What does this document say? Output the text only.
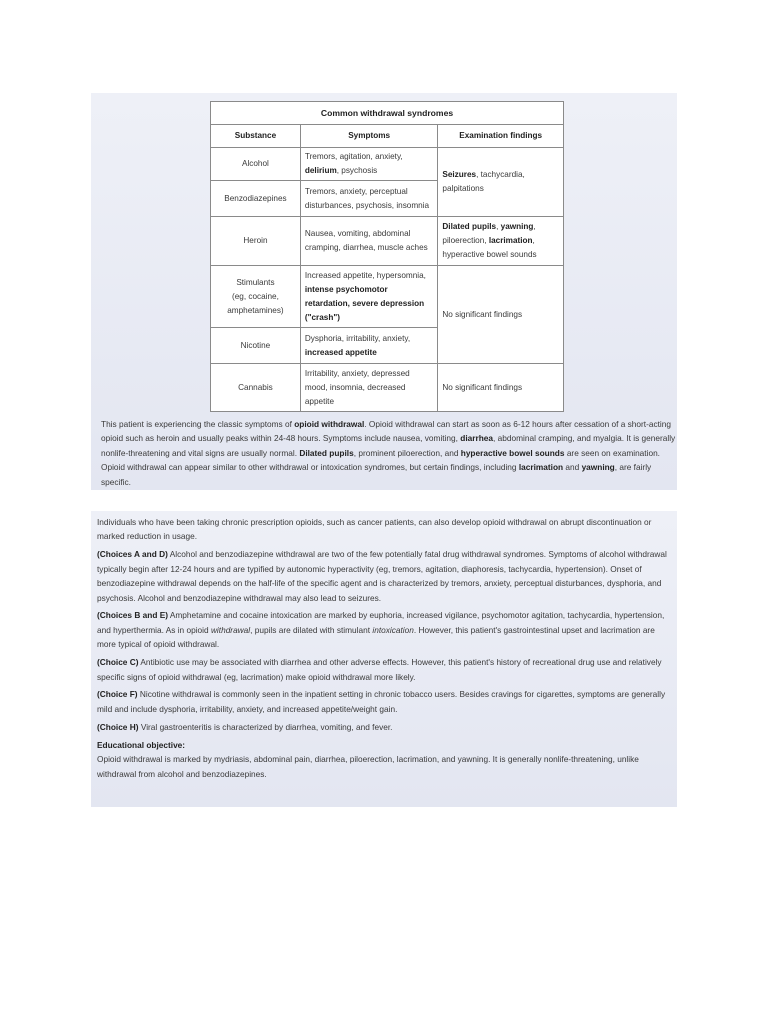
Common withdrawal syndromes		
Substance	Symptoms	Examination findings
Alcohol	Tremors, agitation, anxiety, delirium, psychosis	Seizures, tachycardia, palpitations
Benzodiazepines	Tremors, anxiety, perceptual disturbances, psychosis, insomnia	
Heroin	Nausea, vomiting, abdominal cramping, diarrhea, muscle aches	Dilated pupils, yawning, piloerection, lacrimation, hyperactive bowel sounds
Stimulants
(eg, cocaine,
amphetamines)	Increased appetite, hypersomnia, intense psychomotor retardation, severe depression ("crash")	No significant findings
Nicotine	Dysphoria, irritability, anxiety, increased appetite	
Cannabis	Irritability, anxiety, depressed mood, insomnia, decreased appetite	No significant findings

This patient is experiencing the classic symptoms of opioid withdrawal. Opioid withdrawal can start as soon as 6-12 hours after cessation of a short-acting opioid such as heroin and usually peaks within 24-48 hours. Symptoms include nausea, vomiting, diarrhea, abdominal cramping, and myalgia. It is generally nonlife-threatening and vital signs are usually normal. Dilated pupils, prominent piloerection, and hyperactive bowel sounds are seen on examination. Opioid withdrawal can appear similar to other withdrawal or intoxication syndromes, but certain findings, including lacrimation and yawning, are fairly specific.

Individuals who have been taking chronic prescription opioids, such as cancer patients, can also develop opioid withdrawal on abrupt discontinuation or marked reduction in usage.

(Choices A and D) Alcohol and benzodiazepine withdrawal are two of the few potentially fatal drug withdrawal syndromes. Symptoms of alcohol withdrawal typically begin after 12-24 hours and are typified by autonomic hyperactivity (eg, tremors, agitation, diaphoresis, tachycardia, hypertension). Onset of benzodiazepine withdrawal depends on the half-life of the specific agent and is characterized by tremors, anxiety, perceptual disturbances, dysphoria, and psychosis. Alcohol and benzodiazepine withdrawal may also lead to seizures.

(Choices B and E) Amphetamine and cocaine intoxication are marked by euphoria, increased vigilance, psychomotor agitation, tachycardia, hypertension, and hyperthermia. As in opioid withdrawal, pupils are dilated with stimulant intoxication. However, this patient's gastrointestinal upset and lacrimation are more typical of opioid withdrawal.

(Choice C) Antibiotic use may be associated with diarrhea and other adverse effects. However, this patient's history of recreational drug use and relatively specific signs of opioid withdrawal (eg, lacrimation) make opioid withdrawal more likely.

(Choice F) Nicotine withdrawal is commonly seen in the inpatient setting in chronic tobacco users. Besides cravings for cigarettes, symptoms are generally mild and include dysphoria, irritability, anxiety, and increased appetite/weight gain.

(Choice H) Viral gastroenteritis is characterized by diarrhea, vomiting, and fever.

Educational objective:

Opioid withdrawal is marked by mydriasis, abdominal pain, diarrhea, piloerection, lacrimation, and yawning. It is generally nonlife-threatening, unlike withdrawal from alcohol and benzodiazepines.
